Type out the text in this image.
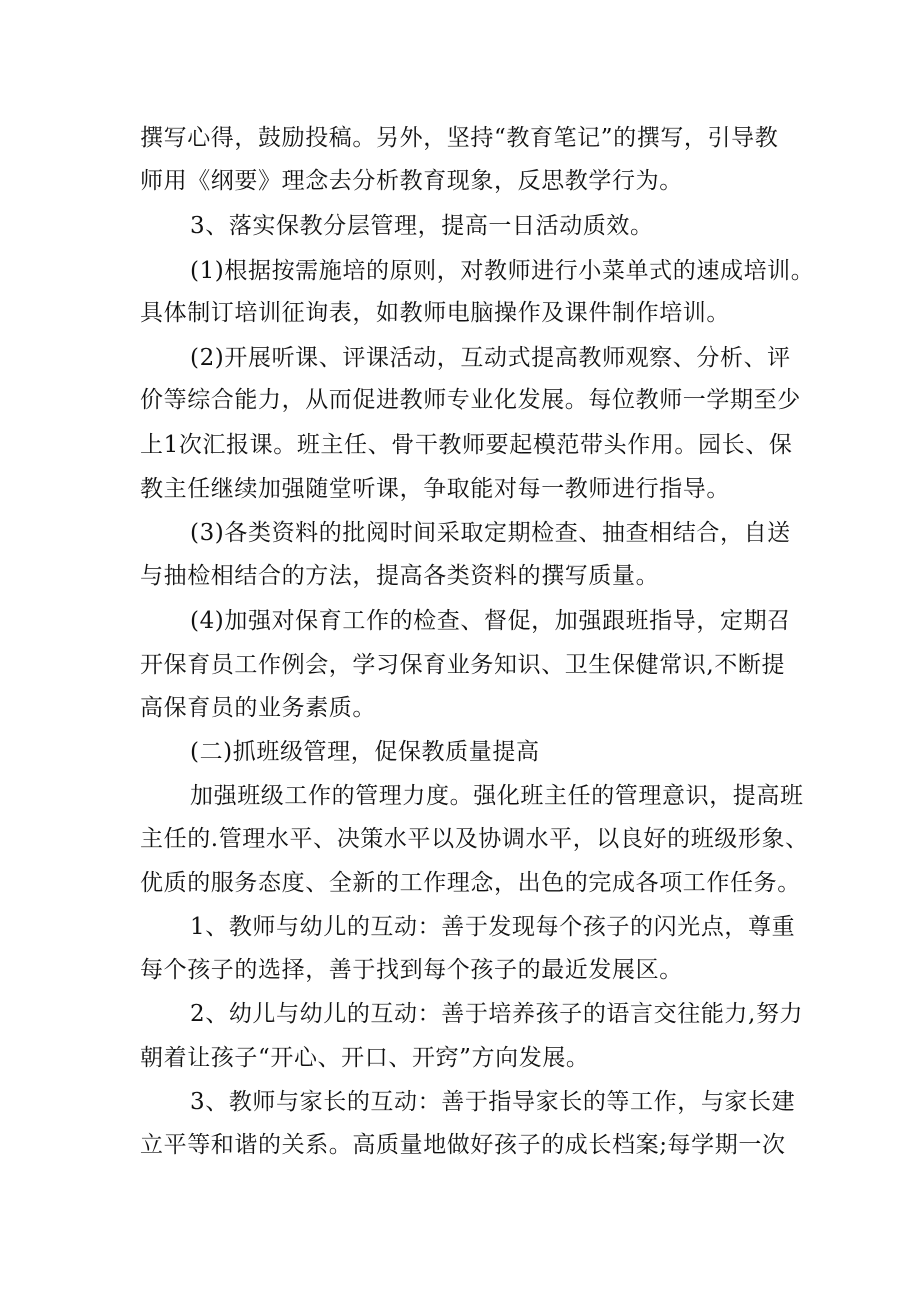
撰写心得，鼓励投稿。另外，坚持“教育笔记”的撰写，引导教
师用《纲要》理念去分析教育现象，反思教学行为。
3、落实保教分层管理，提高一日活动质效。
(1)根据按需施培的原则，对教师进行小菜单式的速成培训。
具体制订培训征询表，如教师电脑操作及课件制作培训。
(2)开展听课、评课活动，互动式提高教师观察、分析、评
价等综合能力，从而促进教师专业化发展。每位教师一学期至少
上1次汇报课。班主任、骨干教师要起模范带头作用。园长、保
教主任继续加强随堂听课，争取能对每一教师进行指导。
(3)各类资料的批阅时间采取定期检查、抽查相结合，自送
与抽检相结合的方法，提高各类资料的撰写质量。
(4)加强对保育工作的检查、督促，加强跟班指导，定期召
开保育员工作例会，学习保育业务知识、卫生保健常识,不断提
高保育员的业务素质。
(二)抓班级管理，促保教质量提高
加强班级工作的管理力度。强化班主任的管理意识，提高班
主任的.管理水平、决策水平以及协调水平，以良好的班级形象、
优质的服务态度、全新的工作理念，出色的完成各项工作任务。
1、教师与幼儿的互动：善于发现每个孩子的闪光点，尊重
每个孩子的选择，善于找到每个孩子的最近发展区。
2、幼儿与幼儿的互动：善于培养孩子的语言交往能力,努力
朝着让孩子“开心、开口、开窍”方向发展。
3、教师与家长的互动：善于指导家长的等工作，与家长建
立平等和谐的关系。高质量地做好孩子的成长档案;每学期一次
